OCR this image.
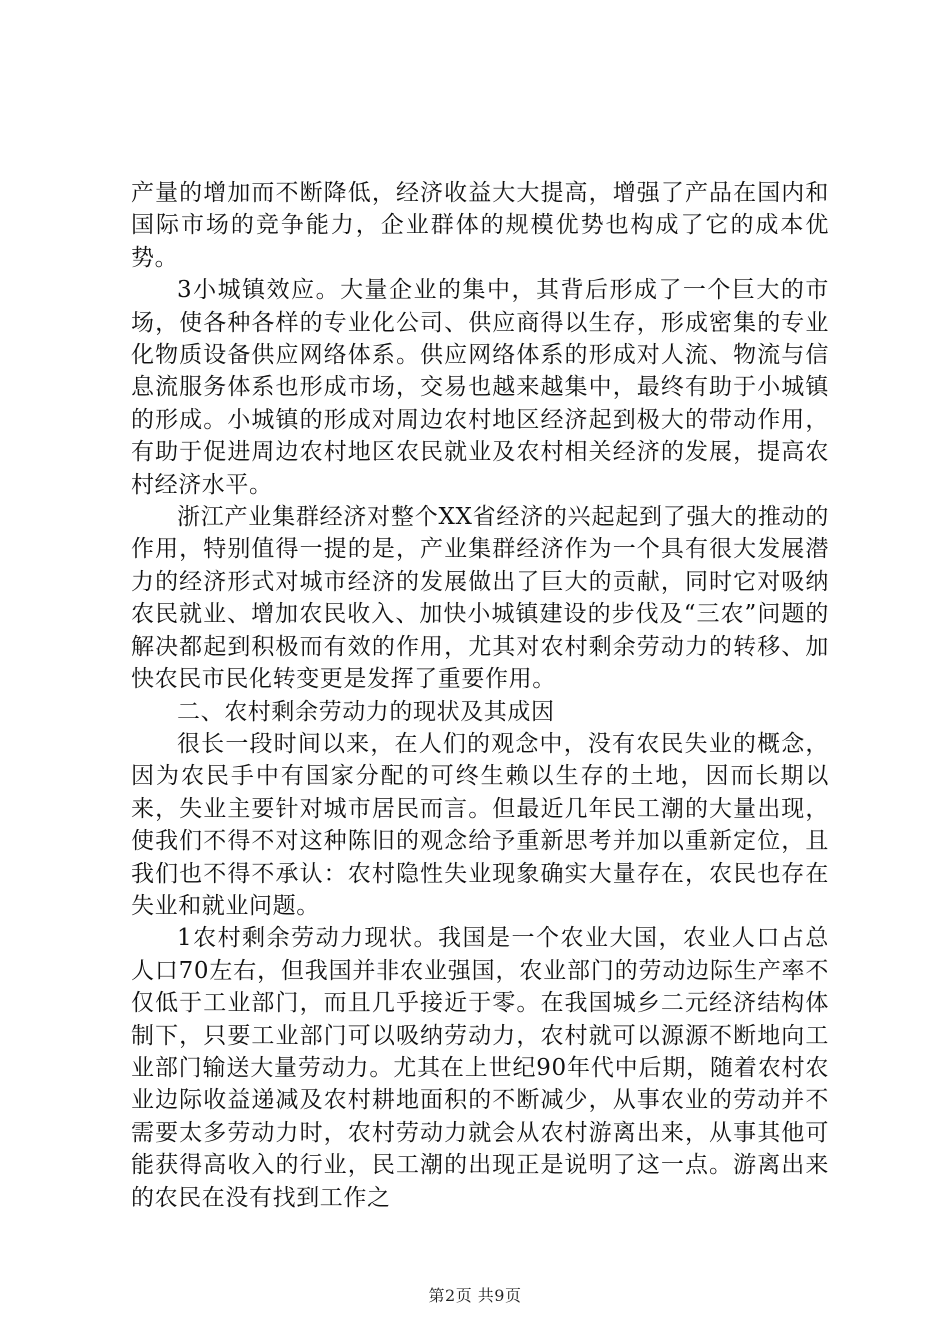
产量的增加而不断降低，经济收益大大提高，增强了产品在国内和国际市场的竞争能力，企业群体的规模优势也构成了它的成本优势。

3小城镇效应。大量企业的集中，其背后形成了一个巨大的市场，使各种各样的专业化公司、供应商得以生存，形成密集的专业化物质设备供应网络体系。供应网络体系的形成对人流、物流与信息流服务体系也形成市场，交易也越来越集中，最终有助于小城镇的形成。小城镇的形成对周边农村地区经济起到极大的带动作用，有助于促进周边农村地区农民就业及农村相关经济的发展，提高农村经济水平。

浙江产业集群经济对整个XX省经济的兴起起到了强大的推动的作用，特别值得一提的是，产业集群经济作为一个具有很大发展潜力的经济形式对城市经济的发展做出了巨大的贡献，同时它对吸纳农民就业、增加农民收入、加快小城镇建设的步伐及“三农”问题的解决都起到积极而有效的作用，尤其对农村剩余劳动力的转移、加快农民市民化转变更是发挥了重要作用。

二、农村剩余劳动力的现状及其成因

很长一段时间以来，在人们的观念中，没有农民失业的概念，因为农民手中有国家分配的可终生赖以生存的土地，因而长期以来，失业主要针对城市居民而言。但最近几年民工潮的大量出现，使我们不得不对这种陈旧的观念给予重新思考并加以重新定位，且我们也不得不承认：农村隐性失业现象确实大量存在，农民也存在失业和就业问题。

1农村剩余劳动力现状。我国是一个农业大国，农业人口占总人口70左右，但我国并非农业强国，农业部门的劳动边际生产率不仅低于工业部门，而且几乎接近于零。在我国城乡二元经济结构体制下，只要工业部门可以吸纳劳动力，农村就可以源源不断地向工业部门输送大量劳动力。尤其在上世纪90年代中后期，随着农村农业边际收益递减及农村耕地面积的不断减少，从事农业的劳动并不需要太多劳动力时，农村劳动力就会从农村游离出来，从事其他可能获得高收入的行业，民工潮的出现正是说明了这一点。游离出来的农民在没有找到工作之

第2页 共9页
